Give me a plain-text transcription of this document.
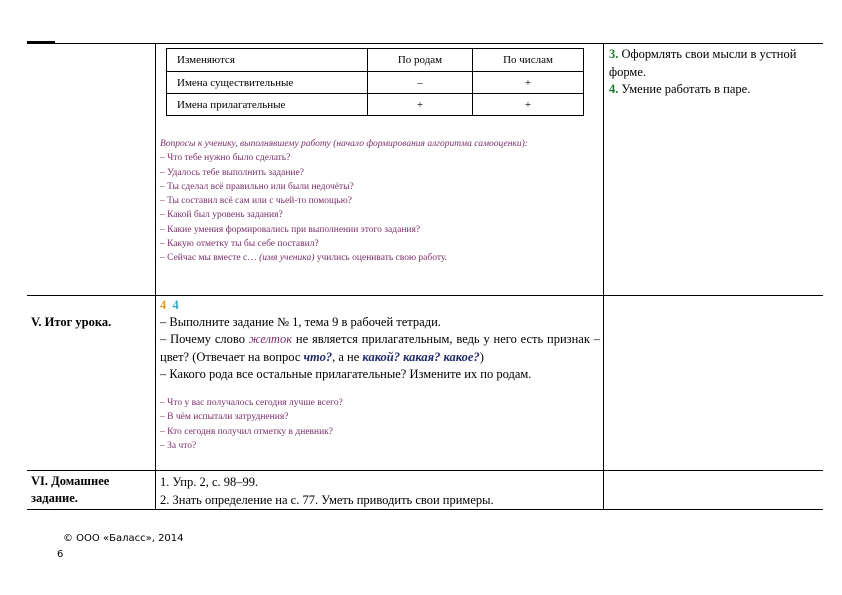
Изменяются	По родам	По числам
Имена существительные	–	+
Имена прилагательные	+	+
Вопросы к ученику, выполнявшему работу (начало формирования алгоритма самооценки):
– Что тебе нужно было сделать?
– Удалось тебе выполнить задание?
– Ты сделал всё правильно или были недочёты?
– Ты составил всё сам или с чьей-то помощью?
– Какой был уровень задания?
– Какие умения формировались при выполнении этого задания?
– Какую отметку ты бы себе поставил?
– Сейчас мы вместе с… (имя ученика) учились оценивать свою работу.
3. Оформлять свои мысли в устной форме.
4. Умение работать в паре.
V. Итог урока.
4 4
– Выполните задание № 1, тема 9 в рабочей тетради.
– Почему слово желток не является прилагательным, ведь у него есть признак – цвет? (Отвечает на вопрос что?, а не какой? какая? какое?)
– Какого рода все остальные прилагательные? Измените их по родам.
– Что у вас получалось сегодня лучше всего?
– В чём испытали затруднения?
– Кто сегодня получил отметку в дневник?
– За что?
VI. Домашнее
задание.
1. Упр. 2, с. 98–99.
2. Знать определение на с. 77. Уметь приводить свои примеры.
© ООО «Баласс», 2014
6
